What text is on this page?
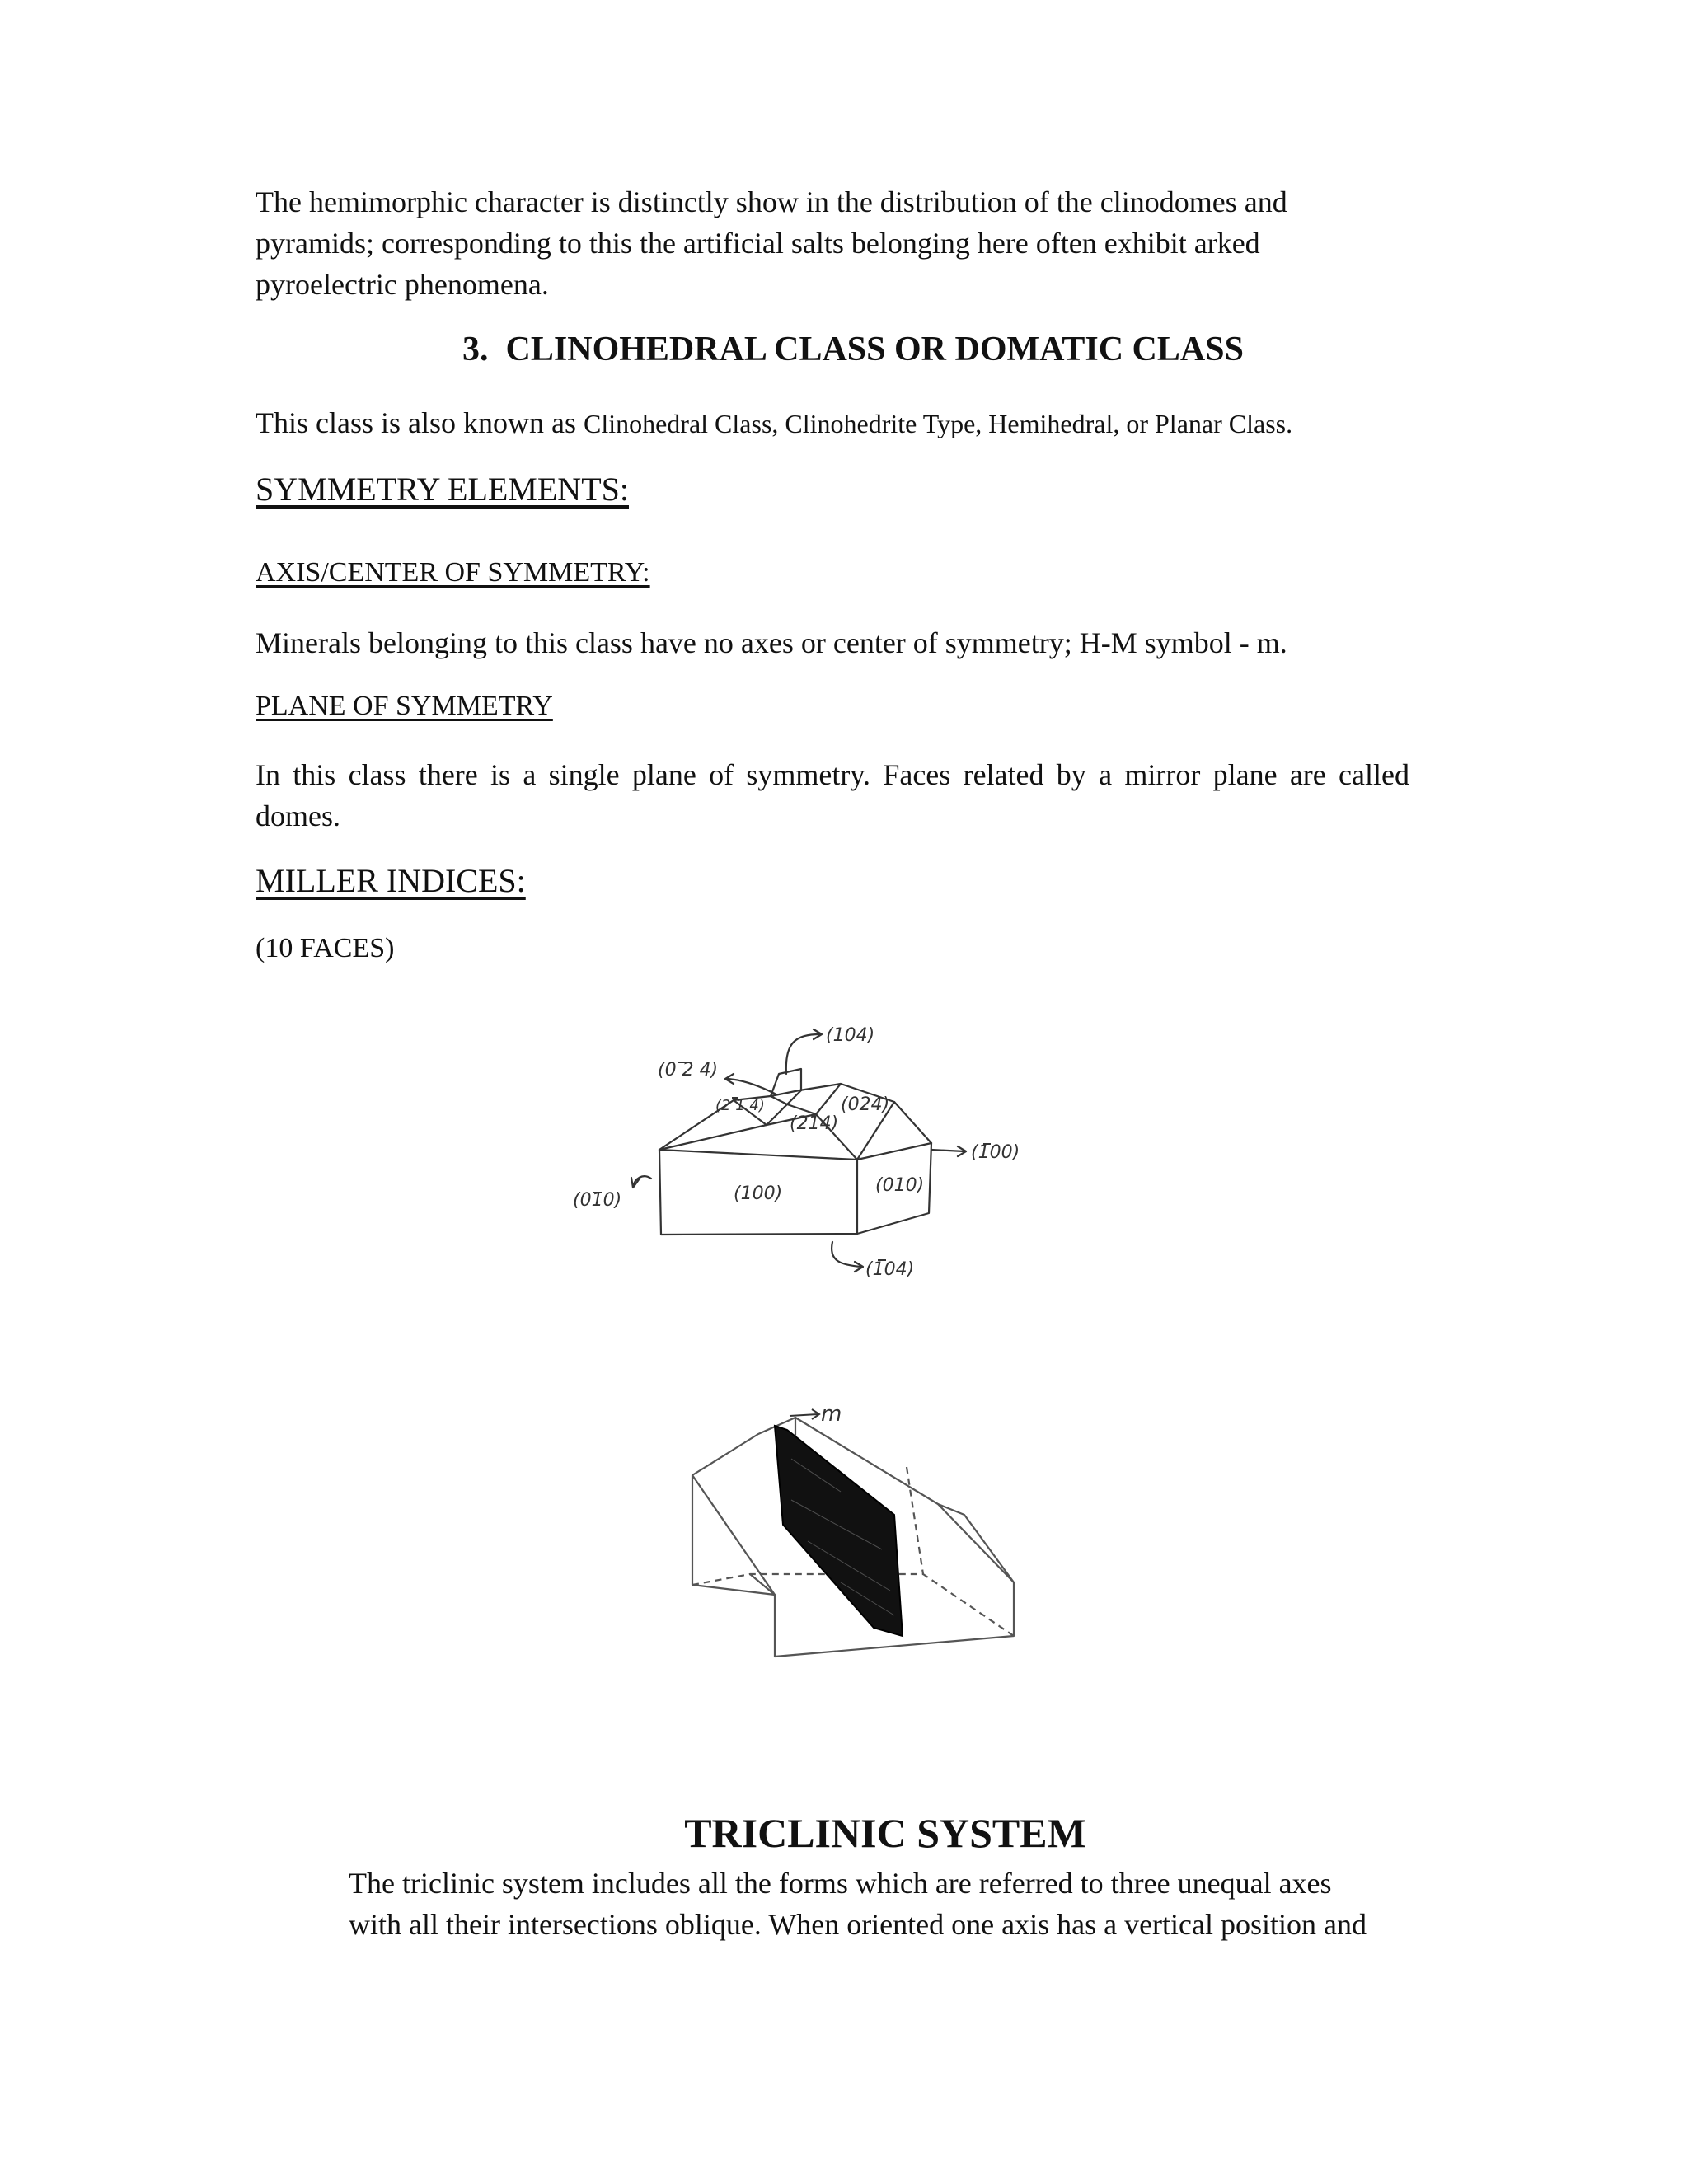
The hemimorphic character is distinctly show in the distribution of the clinodomes and
pyramids; corresponding to this the artificial salts belonging here often exhibit arked
pyroelectric phenomena.
3.  CLINOHEDRAL CLASS OR DOMATIC CLASS
This class is also known as Clinohedral Class, Clinohedrite Type, Hemihedral, or Planar Class.
SYMMETRY ELEMENTS:
AXIS/CENTER OF SYMMETRY:
Minerals belonging to this class have no axes or center of symmetry; H-M symbol - m.
PLANE OF SYMMETRY
In this class there is a single plane of symmetry. Faces related by a mirror plane are called domes.
MILLER INDICES:
(10 FACES)
(104)
(0 2 4)
(2 1 4)	(024)
(214)
(100)	(010)
(100)
(010)
(104)
m
TRICLINIC SYSTEM
The triclinic system includes all the forms which are referred to three unequal axes
with all their intersections oblique. When oriented one axis has a vertical position and
